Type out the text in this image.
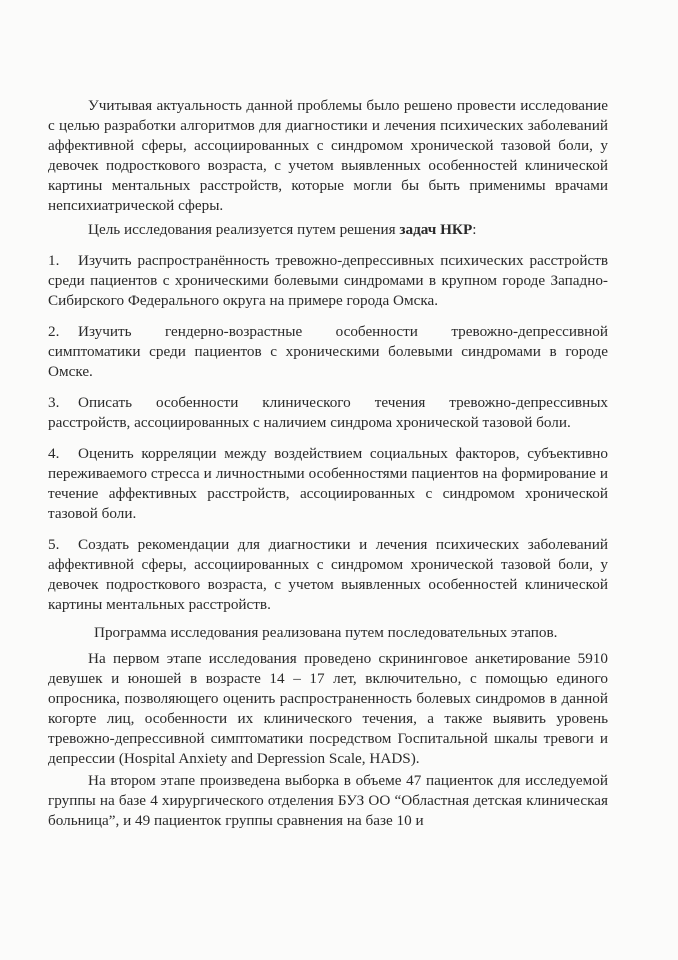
Учитывая актуальность данной проблемы было решено провести исследование с целью разработки алгоритмов для диагностики и лечения психических заболеваний аффективной сферы, ассоциированных с синдромом хронической тазовой боли, у девочек подросткового возраста, с учетом выявленных особенностей клинической картины ментальных расстройств, которые могли бы быть применимы врачами непсихиатрической сферы.

Цель исследования реализуется путем решения задач НКР:

1. Изучить распространённость тревожно-депрессивных психических расстройств среди пациентов с хроническими болевыми синдромами в крупном городе Западно-Сибирского Федерального округа на примере города Омска.

2. Изучить гендерно-возрастные особенности тревожно-депрессивной симптоматики среди пациентов с хроническими болевыми синдромами в городе Омске.

3. Описать особенности клинического течения тревожно-депрессивных расстройств, ассоциированных с наличием синдрома хронической тазовой боли.

4. Оценить корреляции между воздействием социальных факторов, субъективно переживаемого стресса и личностными особенностями пациентов на формирование и течение аффективных расстройств, ассоциированных с синдромом хронической тазовой боли.

5. Создать рекомендации для диагностики и лечения психических заболеваний аффективной сферы, ассоциированных с синдромом хронической тазовой боли, у девочек подросткового возраста, с учетом выявленных особенностей клинической картины ментальных расстройств.

Программа исследования реализована путем последовательных этапов.

На первом этапе исследования проведено скрининговое анкетирование 5910 девушек и юношей в возрасте 14 – 17 лет, включительно, с помощью единого опросника, позволяющего оценить распространенность болевых синдромов в данной когорте лиц, особенности их клинического течения, а также выявить уровень тревожно-депрессивной симптоматики посредством Госпитальной шкалы тревоги и депрессии (Hospital Anxiety and Depression Scale, HADS).

На втором этапе произведена выборка в объеме 47 пациенток для исследуемой группы на базе 4 хирургического отделения БУЗ ОО “Областная детская клиническая больница”, и 49 пациенток группы сравнения на базе 10 и
